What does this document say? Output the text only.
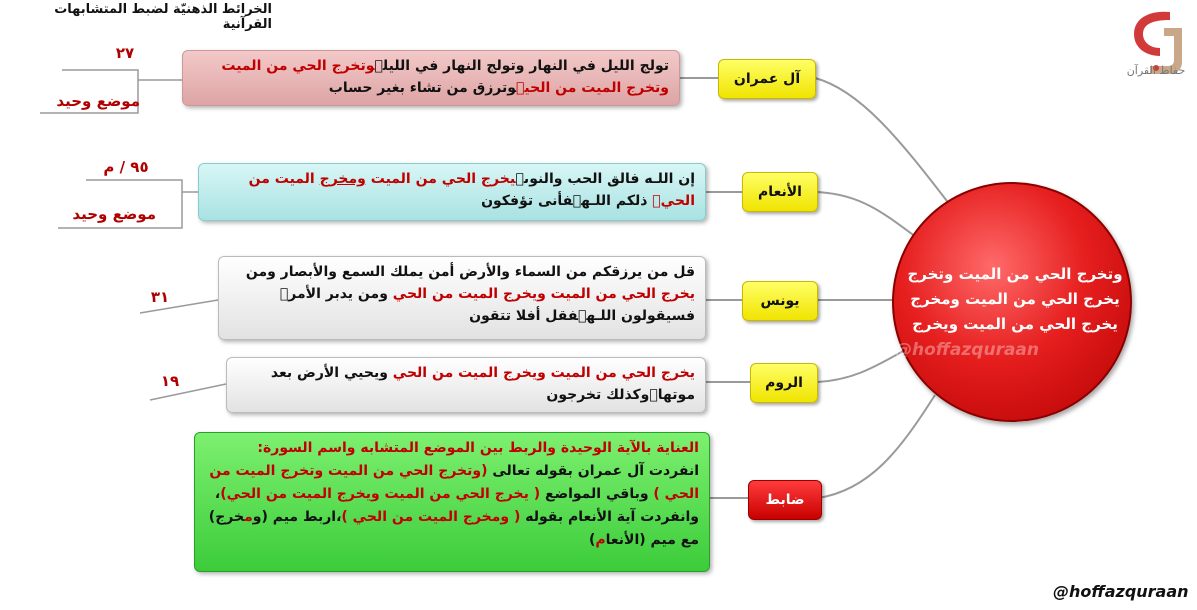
الخرائط الذهنيّة لضبط المتشابهات القرآنية
حفاظ القرآن
وتخرج الحي من الميت وتخرج يخرج الحي من الميت ومخرج يخرج الحي من الميت ويخرج
@hoffazquraan
آل عمران
الأنعام
يونس
الروم
ضابط
تولج الليل في النهار وتولج النهار في الليلوتخرج الحي من الميت وتخرج الميت من الحيوترزق من تشاء بغير حساب
إن اللـه فالق الحب والنوىيخرج الحي من الميت ومخرج الميت من الحيۚ ذلكم اللـهفأنى تؤفكون
قل من يرزقكم من السماء والأرض أمن يملك السمع والأبصار ومن يخرج الحي من الميت ويخرج الميت من الحي ومن يدبر الأمر فسيقولون اللـهفقل أفلا تتقون
يخرج الحي من الميت ويخرج الميت من الحي ويحيي الأرض بعد موتهاوكذلك تخرجون
العناية بالآية الوحيدة والربط بين الموضع المتشابه واسم السورة: انفردت آل عمران بقوله تعالى (وتخرج الحي من الميت وتخرج الميت من الحي ) وباقي المواضع ( يخرج الحي من الميت ويخرج الميت من الحي)، وانفردت آية الأنعام بقوله ( ومخرج الميت من الحي )،اربط ميم (ومخرج) مع ميم (الأنعام)
٢٧
موضع وحيد
٩٥ / م
موضع وحيد
٣١
١٩
@hoffazquraan
